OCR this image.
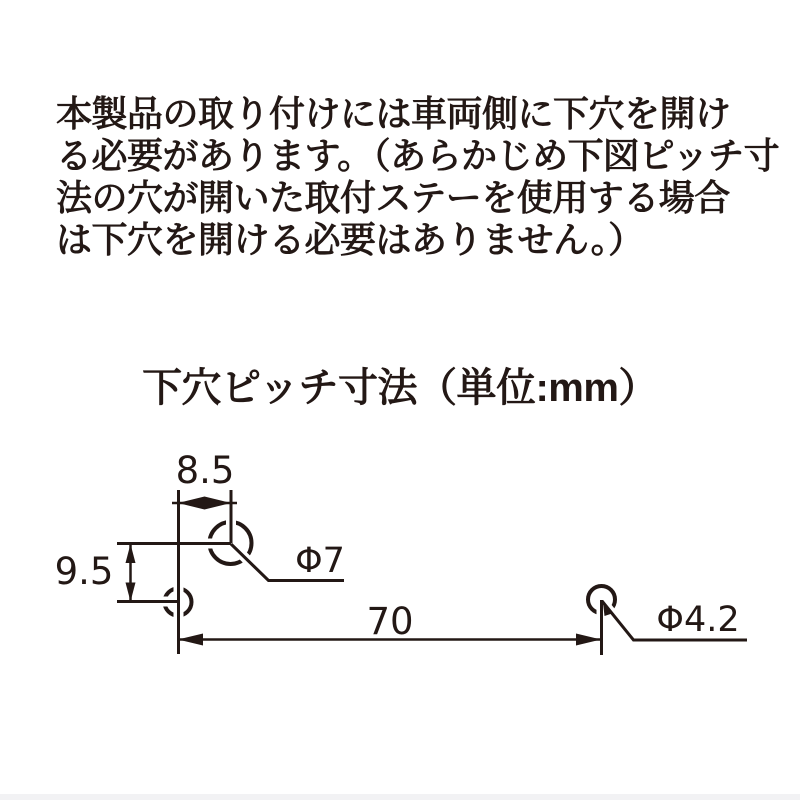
本製品の取り付けには車両側に下穴を開け
る必要があります。（あらかじめ下図ピッチ寸
法の穴が開いた取付ステーを使用する場合
は下穴を開ける必要はありません。）
下穴ピッチ寸法（単位:mm）
8.5
9.5
70
Φ7
Φ4.2
